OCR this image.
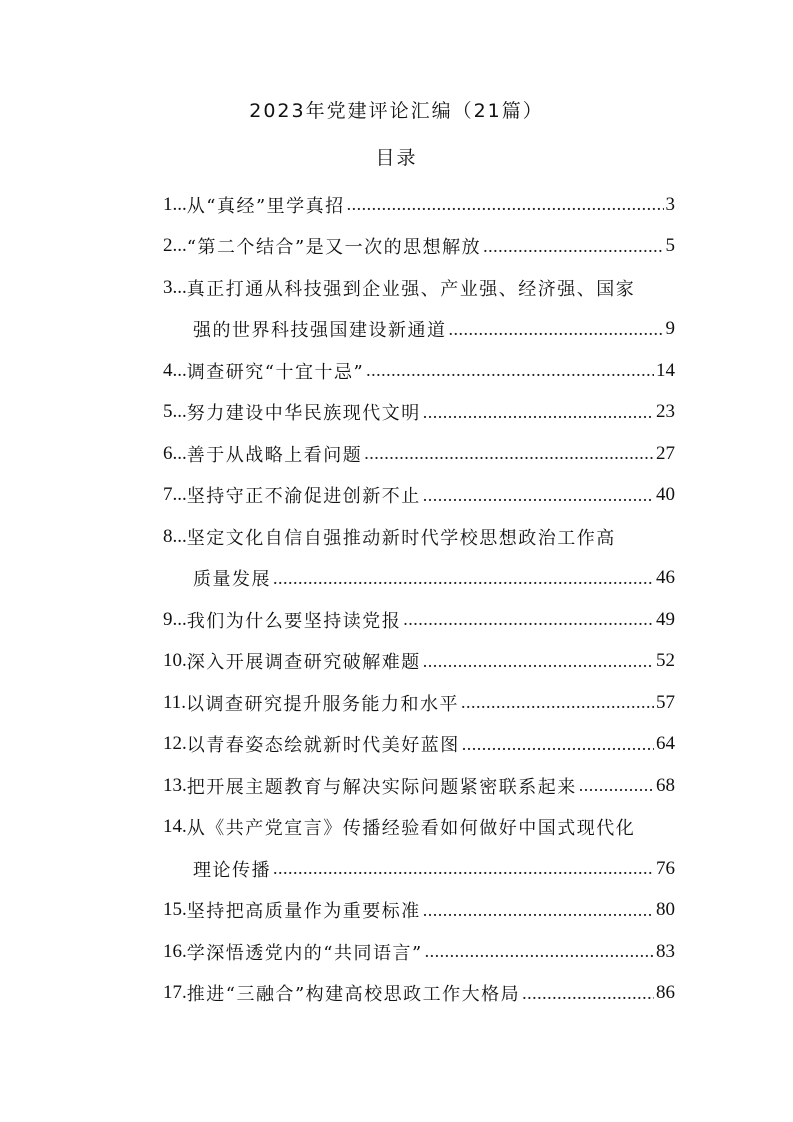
2023年党建评论汇编（21篇）
目录
1... 从“真经”里学真招 .....	3
2... “第二个结合”是又一次的思想解放 .....	5
3... 真正打通从科技强到企业强、产业强、经济强、国家
强的世界科技强国建设新通道 .....	9
4... 调查研究“十宜十忌” .....	14
5... 努力建设中华民族现代文明 .....	23
6... 善于从战略上看问题 .....	27
7... 坚持守正不渝促进创新不止 .....	40
8... 坚定文化自信自强推动新时代学校思想政治工作高
质量发展 .....	46
9... 我们为什么要坚持读党报 .....	49
10. 深入开展调查研究破解难题 .....	52
11. 以调查研究提升服务能力和水平 .....	57
12. 以青春姿态绘就新时代美好蓝图 .....	64
13. 把开展主题教育与解决实际问题紧密联系起来 .....	68
14. 从《共产党宣言》传播经验看如何做好中国式现代化
理论传播 .....	76
15. 坚持把高质量作为重要标准 .....	80
16. 学深悟透党内的“共同语言” .....	83
17. 推进“三融合”构建高校思政工作大格局 .....	86
